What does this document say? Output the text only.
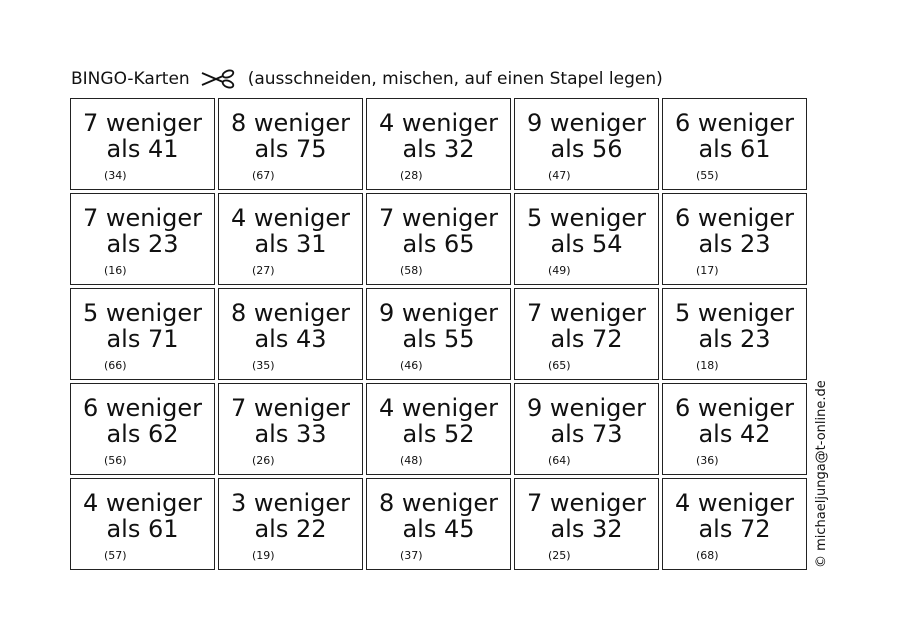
BINGO-Karten	(ausschneiden, mischen, auf einen Stapel legen)
7 weniger
als 41
(34)
8 weniger
als 75
(67)
4 weniger
als 32
(28)
9 weniger
als 56
(47)
6 weniger
als 61
(55)
7 weniger
als 23
(16)
4 weniger
als 31
(27)
7 weniger
als 65
(58)
5 weniger
als 54
(49)
6 weniger
als 23
(17)
5 weniger
als 71
(66)
8 weniger
als 43
(35)
9 weniger
als 55
(46)
7 weniger
als 72
(65)
5 weniger
als 23
(18)
6 weniger
als 62
(56)
7 weniger
als 33
(26)
4 weniger
als 52
(48)
9 weniger
als 73
(64)
6 weniger
als 42
(36)
4 weniger
als 61
(57)
3 weniger
als 22
(19)
8 weniger
als 45
(37)
7 weniger
als 32
(25)
4 weniger
als 72
(68)	© michaeljunga@t-online.de
